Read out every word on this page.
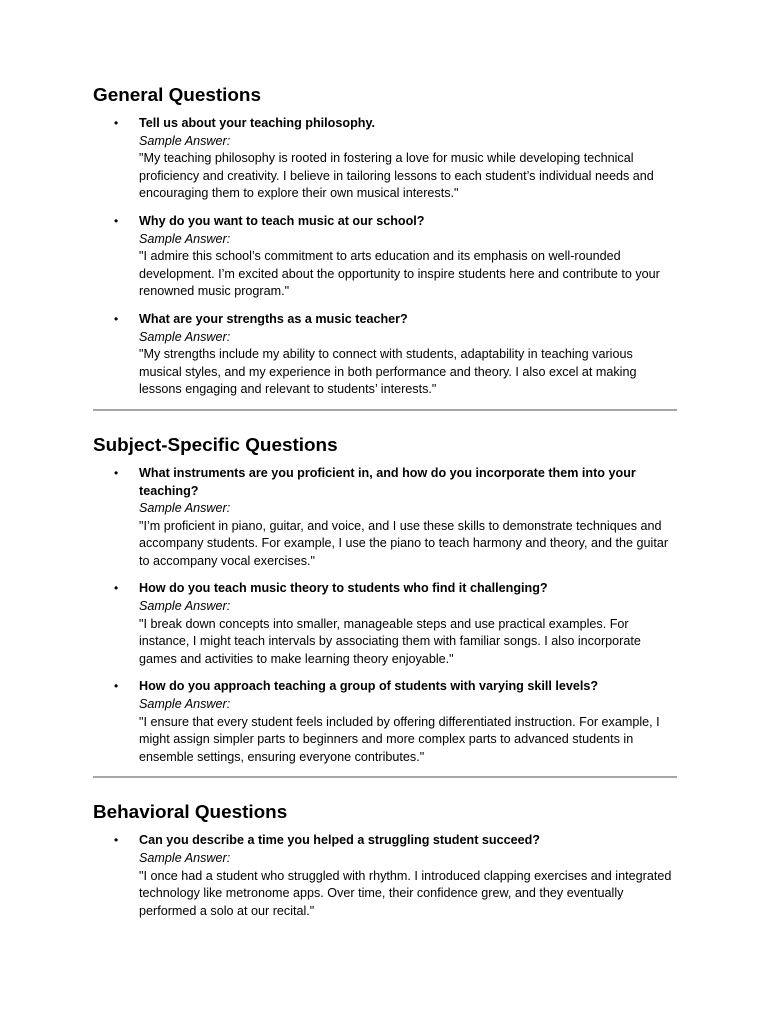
General Questions
• Tell us about your teaching philosophy.
Sample Answer:
"My teaching philosophy is rooted in fostering a love for music while developing technical proficiency and creativity. I believe in tailoring lessons to each student’s individual needs and encouraging them to explore their own musical interests."
• Why do you want to teach music at our school?
Sample Answer:
"I admire this school’s commitment to arts education and its emphasis on well-rounded development. I’m excited about the opportunity to inspire students here and contribute to your renowned music program."
• What are your strengths as a music teacher?
Sample Answer:
"My strengths include my ability to connect with students, adaptability in teaching various musical styles, and my experience in both performance and theory. I also excel at making lessons engaging and relevant to students’ interests."
Subject-Specific Questions
• What instruments are you proficient in, and how do you incorporate them into your teaching?
Sample Answer:
"I’m proficient in piano, guitar, and voice, and I use these skills to demonstrate techniques and accompany students. For example, I use the piano to teach harmony and theory, and the guitar to accompany vocal exercises."
• How do you teach music theory to students who find it challenging?
Sample Answer:
"I break down concepts into smaller, manageable steps and use practical examples. For instance, I might teach intervals by associating them with familiar songs. I also incorporate games and activities to make learning theory enjoyable."
• How do you approach teaching a group of students with varying skill levels?
Sample Answer:
"I ensure that every student feels included by offering differentiated instruction. For example, I might assign simpler parts to beginners and more complex parts to advanced students in ensemble settings, ensuring everyone contributes."
Behavioral Questions
• Can you describe a time you helped a struggling student succeed?
Sample Answer:
"I once had a student who struggled with rhythm. I introduced clapping exercises and integrated technology like metronome apps. Over time, their confidence grew, and they eventually performed a solo at our recital."
